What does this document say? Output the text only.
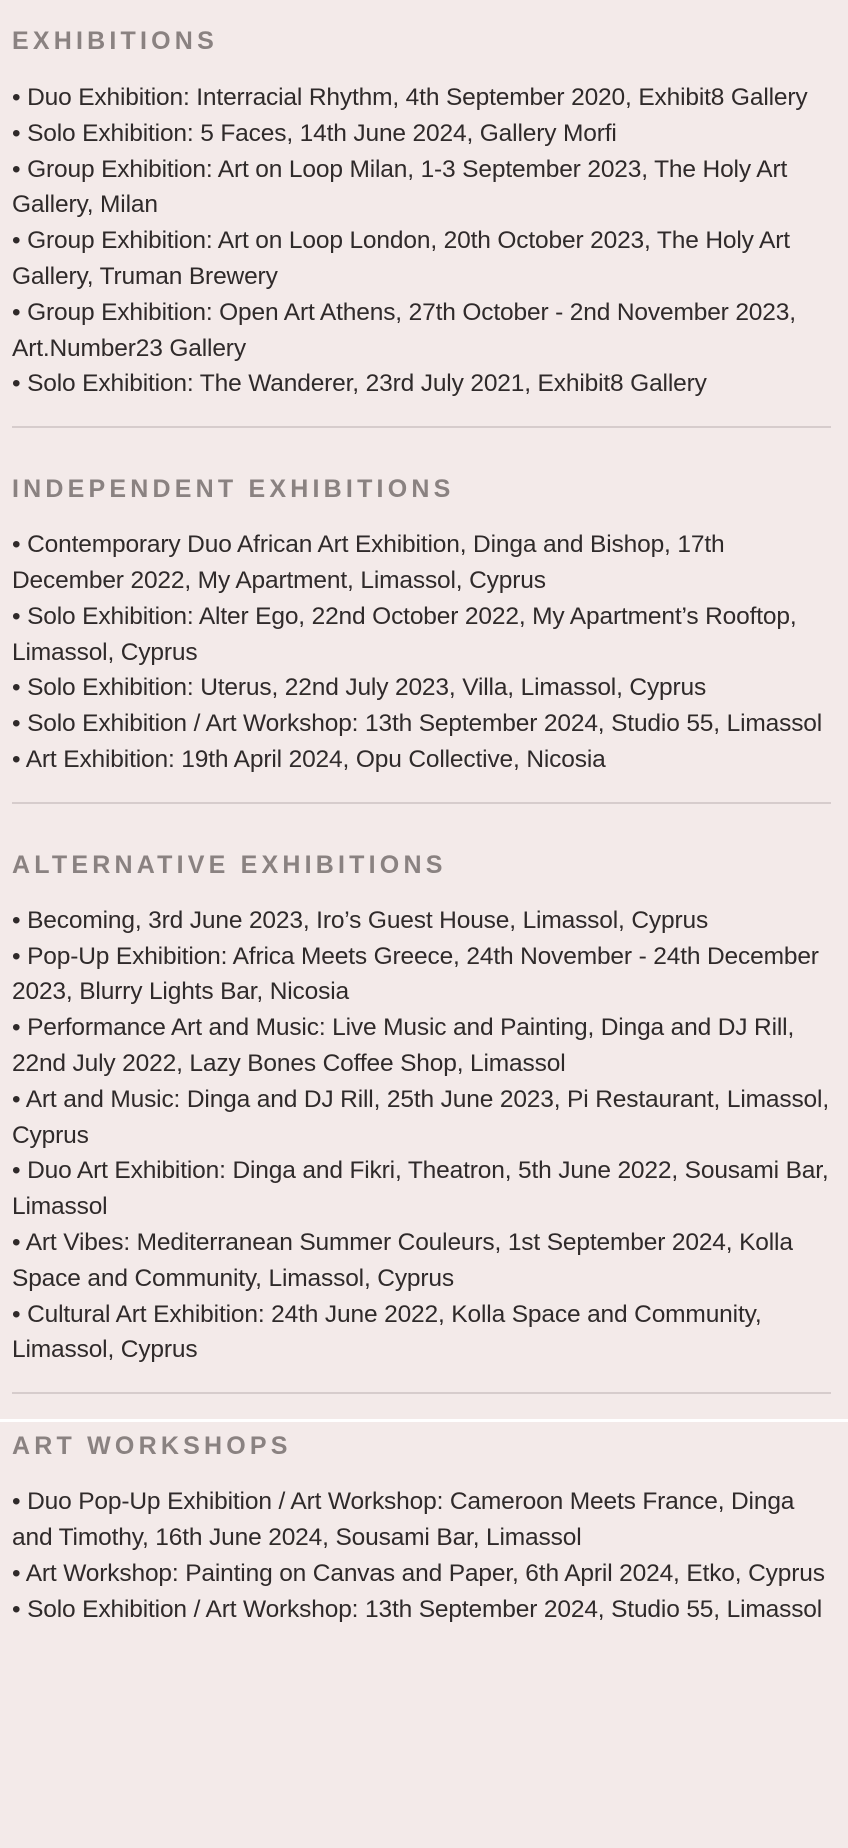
EXHIBITIONS
• Duo Exhibition: Interracial Rhythm, 4th September 2020, Exhibit8 Gallery
• Solo Exhibition: 5 Faces, 14th June 2024, Gallery Morfi
• Group Exhibition: Art on Loop Milan, 1-3 September 2023, The Holy Art Gallery, Milan
• Group Exhibition: Art on Loop London, 20th October 2023, The Holy Art Gallery, Truman Brewery
• Group Exhibition: Open Art Athens, 27th October - 2nd November 2023, Art.Number23 Gallery
• Solo Exhibition: The Wanderer, 23rd July 2021, Exhibit8 Gallery
INDEPENDENT EXHIBITIONS
• Contemporary Duo African Art Exhibition, Dinga and Bishop, 17th December 2022, My Apartment, Limassol, Cyprus
• Solo Exhibition: Alter Ego, 22nd October 2022, My Apartment’s Rooftop, Limassol, Cyprus
• Solo Exhibition: Uterus, 22nd July 2023, Villa, Limassol, Cyprus
• Solo Exhibition / Art Workshop: 13th September 2024, Studio 55, Limassol
• Art Exhibition: 19th April 2024, Opu Collective, Nicosia
ALTERNATIVE EXHIBITIONS
• Becoming, 3rd June 2023, Iro’s Guest House, Limassol, Cyprus
• Pop-Up Exhibition: Africa Meets Greece, 24th November - 24th December 2023, Blurry Lights Bar, Nicosia
• Performance Art and Music: Live Music and Painting, Dinga and DJ Rill, 22nd July 2022, Lazy Bones Coffee Shop, Limassol
• Art and Music: Dinga and DJ Rill, 25th June 2023, Pi Restaurant, Limassol, Cyprus
• Duo Art Exhibition: Dinga and Fikri, Theatron, 5th June 2022, Sousami Bar, Limassol
• Art Vibes: Mediterranean Summer Couleurs, 1st September 2024, Kolla Space and Community, Limassol, Cyprus
• Cultural Art Exhibition: 24th June 2022, Kolla Space and Community, Limassol, Cyprus
ART WORKSHOPS
• Duo Pop-Up Exhibition / Art Workshop: Cameroon Meets France, Dinga and Timothy, 16th June 2024, Sousami Bar, Limassol
• Art Workshop: Painting on Canvas and Paper, 6th April 2024, Etko, Cyprus
• Solo Exhibition / Art Workshop: 13th September 2024, Studio 55, Limassol
